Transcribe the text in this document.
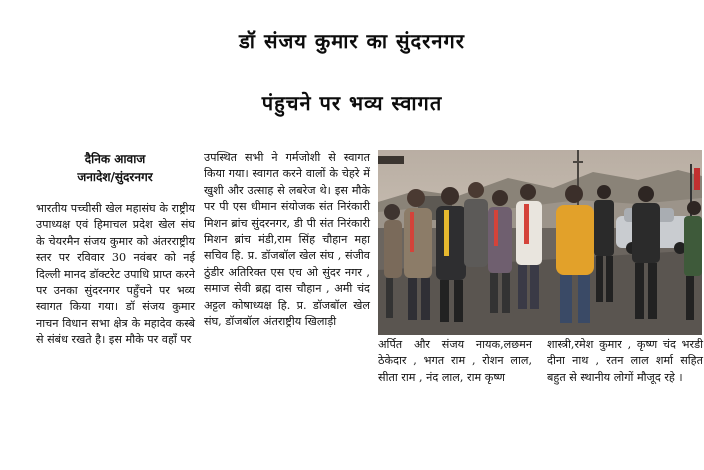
डॉ संजय कुमार का सुंदरनगर
पंहुचने पर भव्य स्वागत
दैनिक आवाज
जनादेश/सुंदरनगर

भारतीय पच्चीसी खेल महासंघ के राष्ट्रीय उपाध्यक्ष एवं हिमाचल प्रदेश खेल संघ के चेयरमैन संजय कुमार को अंतरराष्ट्रीय स्तर पर रविवार 30 नवंबर को नई दिल्ली मानद डॉक्टरेट उपाधि प्राप्त करने पर उनका सुंदरनगर पहुँचने पर भव्य स्वागत किया गया। डॉ संजय कुमार नाचन विधान सभा क्षेत्र के महादेव कस्बे से संबंध रखते है। इस मौके पर वहाँ पर

उपस्थित सभी ने गर्मजोशी से स्वागत किया गया। स्वागत करने वालों के चेहरे में खुशी और उत्साह से लबरेज थे। इस मौके पर पी एस धीमान संयोजक संत निरंकारी मिशन ब्रांच सुंदरनगर, डी पी संत निरंकारी मिशन ब्रांच मंडी,राम सिंह चौहान महा सचिव हि. प्र. डॉजबॉल खेल संघ , संजीव ठुंडीर अतिरिक्त एस एच ओ सुंदर नगर , समाज सेवी ब्रह्म दास चौहान , अमी चंद अट्टल कोषाध्यक्ष हि. प्र. डॉजबॉल खेल संघ, डॉजबॉल अंतराष्ट्रीय खिलाड़ी

अर्पित और संजय नायक,लछमन ठेकेदार , भगत राम , रोशन लाल, सीता राम , नंद लाल, राम कृष्ण

शास्त्री,रमेश कुमार , कृष्ण चंद भरडी दीना नाथ , रतन लाल शर्मा सहित बहुत से स्थानीय लोगों मौजूद रहे ।
